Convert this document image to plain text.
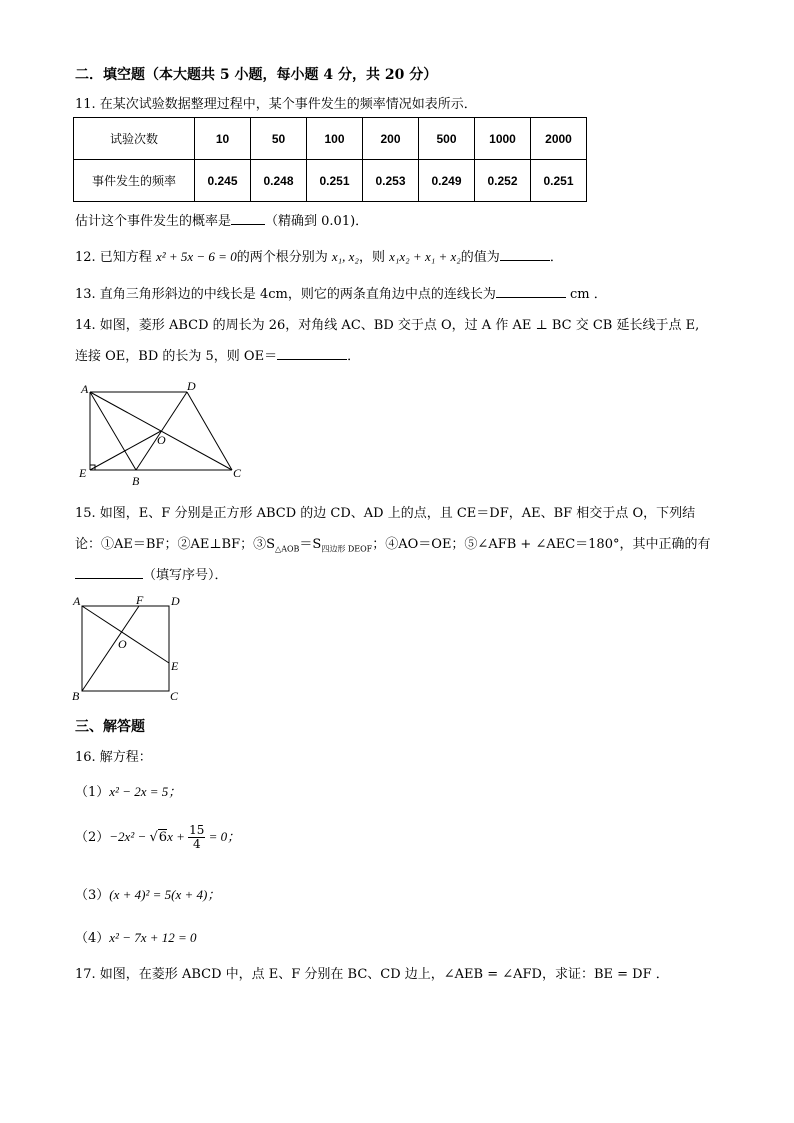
二．填空题（本大题共 5 小题，每小题 4 分，共 20 分）
11. 在某次试验数据整理过程中，某个事件发生的频率情况如表所示．
试验次数	10	50	100	200	500	1000	2000
事件发生的频率	0.245	0.248	0.251	0.253	0.249	0.252	0.251
估计这个事件发生的概率是	（精确到 0.01)．
12. 已知方程 x² + 5x − 6 = 0的两个根分别为 x₁, x₂，则 x₁x₂ + x₁ + x₂的值为	．
13. 直角三角形斜边的中线长是 4cm，则它的两条直角边中点的连线长为	cm ．
14. 如图，菱形 ABCD 的周长为 26，对角线 AC、BD 交于点 O，过 A 作 AE ⊥ BC 交 CB 延长线于点 E,
连接 OE，BD 的长为 5，则 OE＝	．
A	D
O
E
B
C
15. 如图，E、F 分别是正方形 ABCD 的边 CD、AD 上的点，且 CE＝DF，AE、BF 相交于点 O，下列结
论：①AE＝BF；②AE⊥BF；$③S_{\triangle AOB}=S_{四边形 DEOF}$；④AO＝OE；⑤∠AFB + ∠AEC＝180°，其中正确的有
（填写序号）．
A	F D
O
E
B	C
三、解答题
16. 解方程：
（1）x² − 2x = 5；
$(2)-2x^2 - √6x + \frac{15}{4} = 0$；
（3）(x + 4)² = 5(x + 4)；
（4）x² − 7x + 12 = 0
17. 如图，在菱形 ABCD 中，点 E、F 分别在 BC、CD 边上，∠AEB = ∠AFD，求证：BE = DF ．
